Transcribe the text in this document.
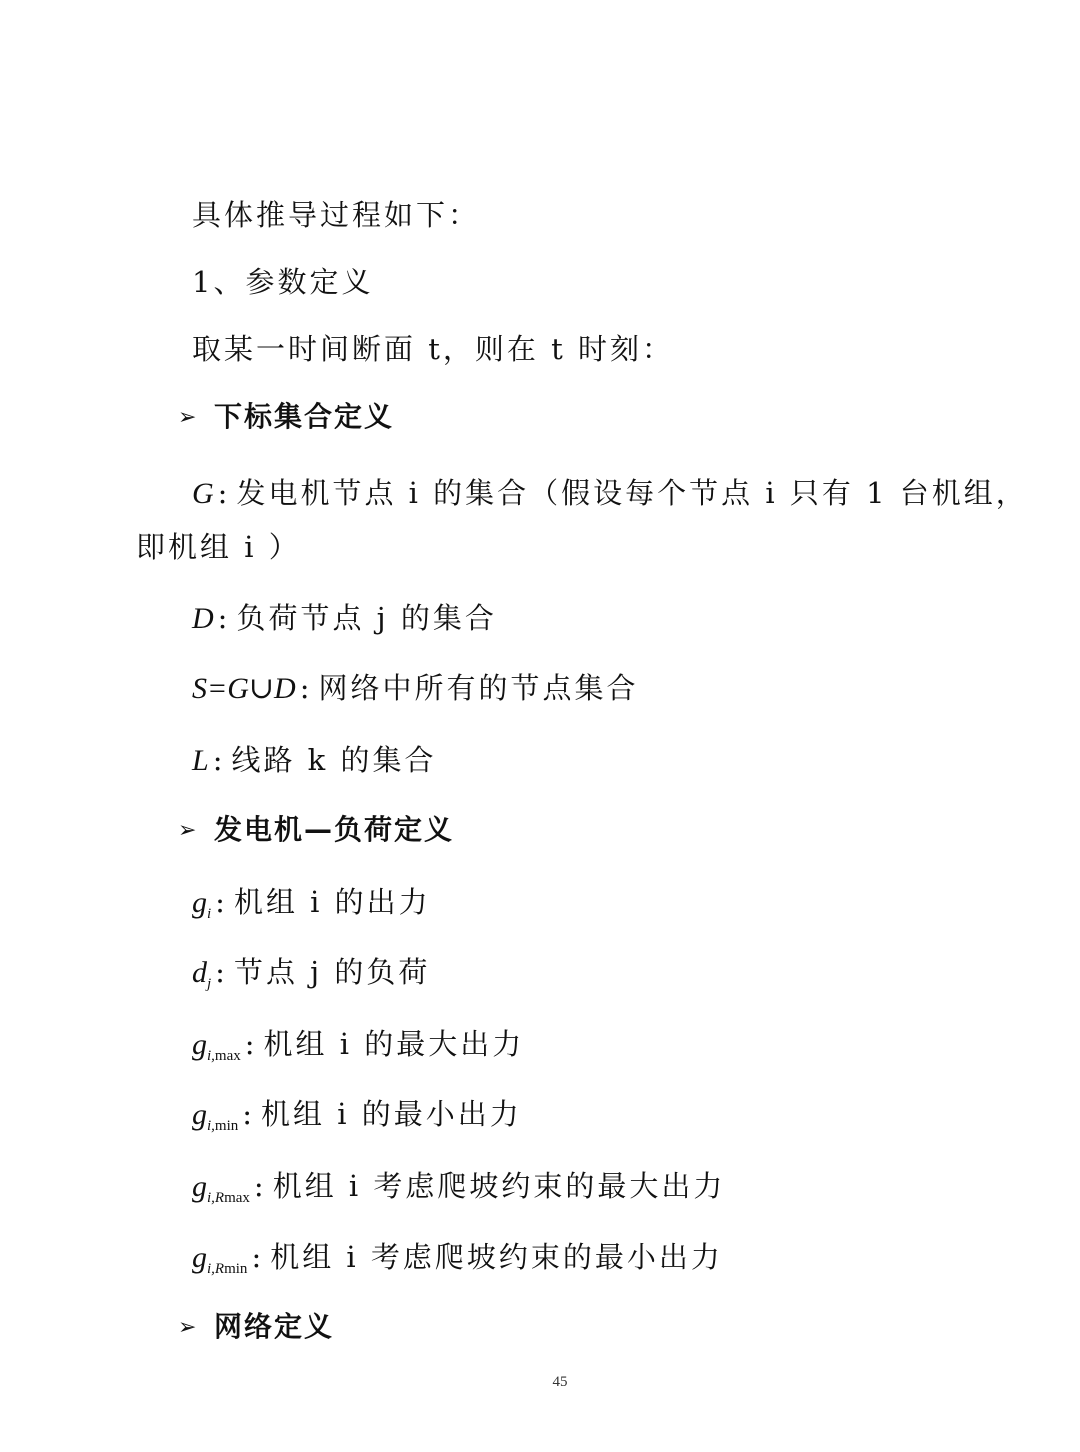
具体推导过程如下：
1、参数定义
取某一时间断面 t，则在 t 时刻：
➢ 下标集合定义
G : 发电机节点 i 的集合（假设每个节点 i 只有 1 台机组，
即机组 i ）
D : 负荷节点 j 的集合
S=G∪D : 网络中所有的节点集合
L : 线路 k 的集合
➢ 发电机—负荷定义
$g_i$ : 机组 i 的出力
$d_j$ : 节点 j 的负荷
$g_{i,max}$ : 机组 i 的最大出力
$g_{i,min}$ : 机组 i 的最小出力
$g_{i,Rmax}$ : 机组 i 考虑爬坡约束的最大出力
$g_{i,Rmin}$ : 机组 i 考虑爬坡约束的最小出力
➢ 网络定义
45
